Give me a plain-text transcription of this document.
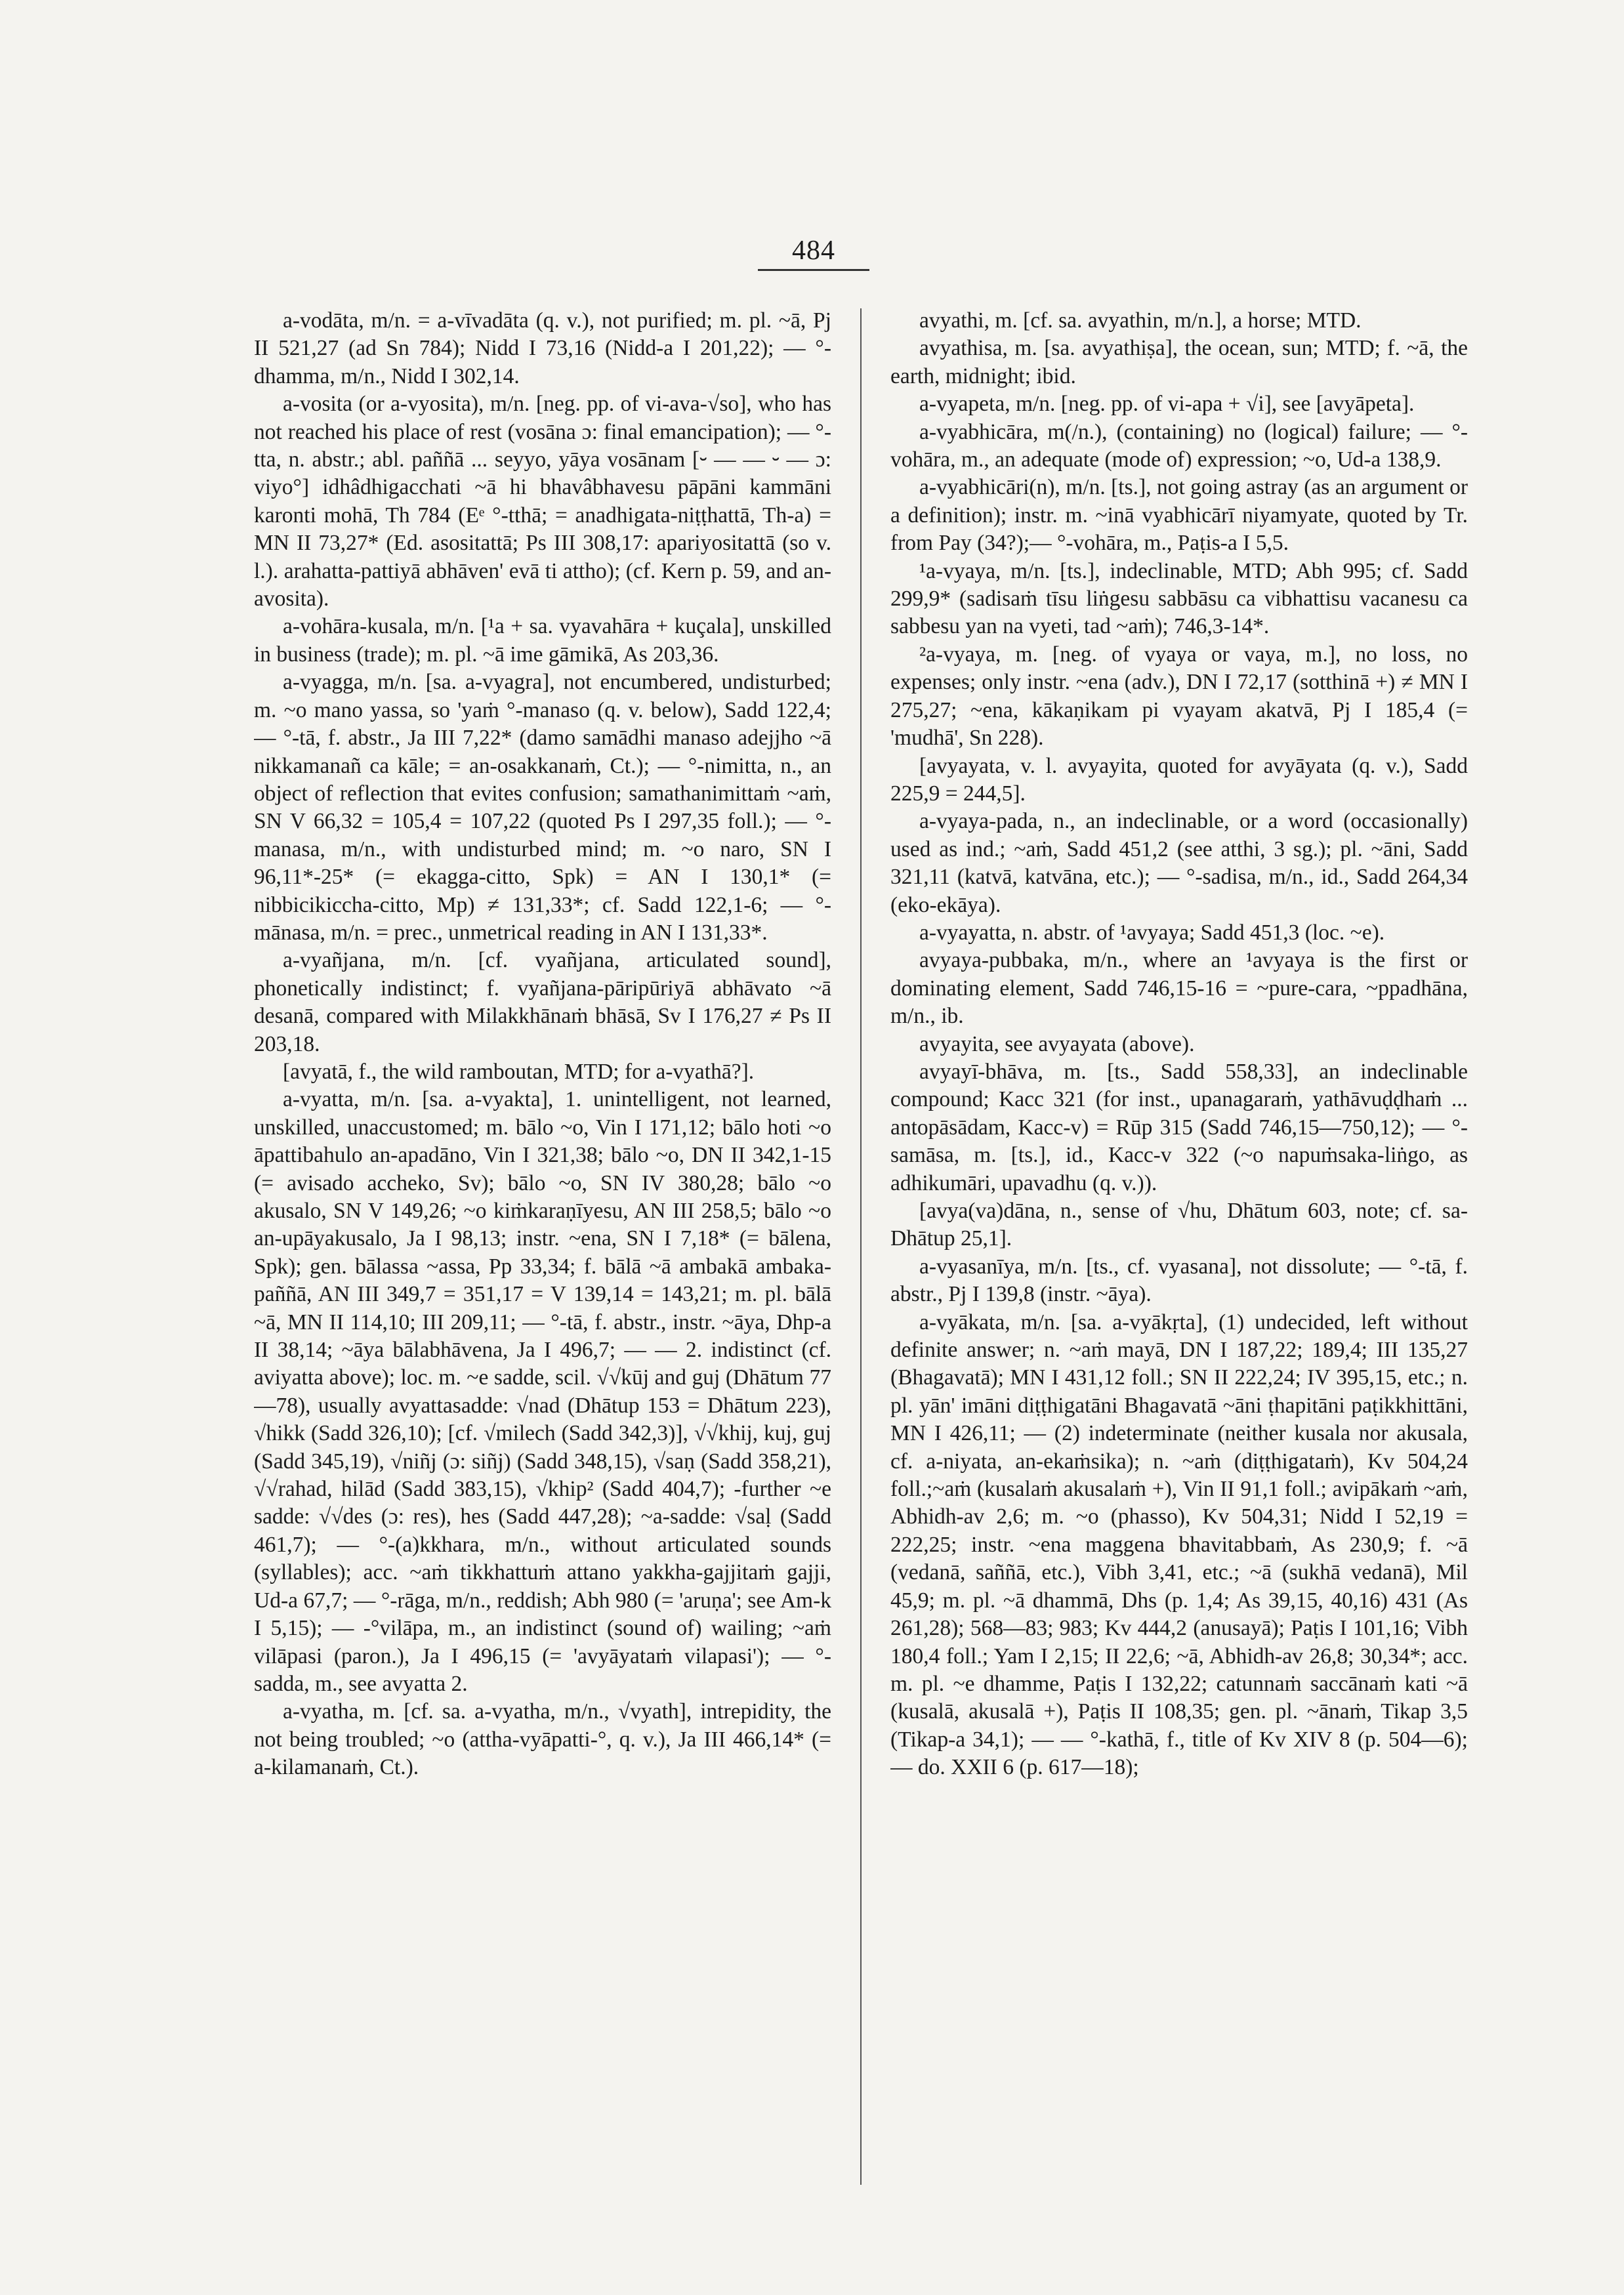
484

a-vodāta, m/n. = a-vīvadāta (q. v.), not purified; m. pl. ~ā, Pj II 521,27 (ad Sn 784); Nidd I 73,16 (Nidd-a I 201,22); — °-dhamma, m/n., Nidd I 302,14.

a-vosita (or a-vyosita), m/n. [neg. pp. of vi-ava-√so], who has not reached his place of rest (vosāna ɔ: final emancipation); — °-tta, n. abstr.; abl. paññā ... seyyo, yāya vosānam [⏑ — — ⏑ — ɔ: viyo°] idhâdhigacchati ~ā hi bhavâbhavesu pāpāni kammāni karonti mohā, Th 784 (Eᵉ °-tthā; = anadhigata-niṭṭhattā, Th-a) = MN II 73,27* (Ed. asositattā; Ps III 308,17: apariyositattā (so v. l.). arahatta-pattiyā abhāven' evā ti attho); (cf. Kern p. 59, and an-avosita).

a-vohāra-kusala, m/n. [¹a + sa. vyavahāra + kuçala], unskilled in business (trade); m. pl. ~ā ime gāmikā, As 203,36.

a-vyagga, m/n. [sa. a-vyagra], not encumbered, undisturbed; m. ~o mano yassa, so 'yaṁ °-manaso (q. v. below), Sadd 122,4; — °-tā, f. abstr., Ja III 7,22* (damo samādhi manaso adejjho ~ā nikkamanañ ca kāle; = an-osakkanaṁ, Ct.); — °-nimitta, n., an object of reflection that evites confusion; samathanimittaṁ ~aṁ, SN V 66,32 = 105,4 = 107,22 (quoted Ps I 297,35 foll.); — °-manasa, m/n., with undisturbed mind; m. ~o naro, SN I 96,11*-25* (= ekagga-citto, Spk) = AN I 130,1* (= nibbicikiccha-citto, Mp) ≠ 131,33*; cf. Sadd 122,1-6; — °-mānasa, m/n. = prec., unmetrical reading in AN I 131,33*.

a-vyañjana, m/n. [cf. vyañjana, articulated sound], phonetically indistinct; f. vyañjana-pāripūriyā abhāvato ~ā desanā, compared with Milakkhānaṁ bhāsā, Sv I 176,27 ≠ Ps II 203,18.

[avyatā, f., the wild ramboutan, MTD; for a-vyathā?].

a-vyatta, m/n. [sa. a-vyakta], 1. unintelligent, not learned, unskilled, unaccustomed; m. bālo ~o, Vin I 171,12; bālo hoti ~o āpattibahulo an-apadāno, Vin I 321,38; bālo ~o, DN II 342,1-15 (= avisado accheko, Sv); bālo ~o, SN IV 380,28; bālo ~o akusalo, SN V 149,26; ~o kiṁkaraṇīyesu, AN III 258,5; bālo ~o an-upāyakusalo, Ja I 98,13; instr. ~ena, SN I 7,18* (= bālena, Spk); gen. bālassa ~assa, Pp 33,34; f. bālā ~ā ambakā ambaka-paññā, AN III 349,7 = 351,17 = V 139,14 = 143,21; m. pl. bālā ~ā, MN II 114,10; III 209,11; — °-tā, f. abstr., instr. ~āya, Dhp-a II 38,14; ~āya bālabhāvena, Ja I 496,7; — — 2. indistinct (cf. aviyatta above); loc. m. ~e sadde, scil. √√kūj and guj (Dhātum 77—78), usually avyattasadde: √nad (Dhātup 153 = Dhātum 223), √hikk (Sadd 326,10); [cf. √milech (Sadd 342,3)], √√khij, kuj, guj (Sadd 345,19), √niñj (ɔ: siñj) (Sadd 348,15), √saṇ (Sadd 358,21), √√rahad, hilād (Sadd 383,15), √khip² (Sadd 404,7); -further ~e sadde: √√des (ɔ: res), hes (Sadd 447,28); ~a-sadde: √saḷ (Sadd 461,7); — °-(a)kkhara, m/n., without articulated sounds (syllables); acc. ~aṁ tikkhattuṁ attano yakkha-gajjitaṁ gajji, Ud-a 67,7; — °-rāga, m/n., reddish; Abh 980 (= 'aruṇa'; see Am-k I 5,15); — -°vilāpa, m., an indistinct (sound of) wailing; ~aṁ vilāpasi (paron.), Ja I 496,15 (= 'avyāyataṁ vilapasi'); — °-sadda, m., see avyatta 2.

a-vyatha, m. [cf. sa. a-vyatha, m/n., √vyath], intrepidity, the not being troubled; ~o (attha-vyāpatti-°, q. v.), Ja III 466,14* (= a-kilamanaṁ, Ct.).

avyathi, m. [cf. sa. avyathin, m/n.], a horse; MTD.

avyathisa, m. [sa. avyathiṣa], the ocean, sun; MTD; f. ~ā, the earth, midnight; ibid.

a-vyapeta, m/n. [neg. pp. of vi-apa + √i], see [avyāpeta].

a-vyabhicāra, m(/n.), (containing) no (logical) failure; — °-vohāra, m., an adequate (mode of) expression; ~o, Ud-a 138,9.

a-vyabhicāri(n), m/n. [ts.], not going astray (as an argument or a definition); instr. m. ~inā vyabhicārī niyamyate, quoted by Tr. from Pay (34?);— °-vohāra, m., Paṭis-a I 5,5.

¹a-vyaya, m/n. [ts.], indeclinable, MTD; Abh 995; cf. Sadd 299,9* (sadisaṁ tīsu liṅgesu sabbāsu ca vibhattisu vacanesu ca sabbesu yan na vyeti, tad ~aṁ); 746,3-14*.

²a-vyaya, m. [neg. of vyaya or vaya, m.], no loss, no expenses; only instr. ~ena (adv.), DN I 72,17 (sotthinā +) ≠ MN I 275,27; ~ena, kākaṇikam pi vyayam akatvā, Pj I 185,4 (= 'mudhā', Sn 228).

[avyayata, v. l. avyayita, quoted for avyāyata (q. v.), Sadd 225,9 = 244,5].

a-vyaya-pada, n., an indeclinable, or a word (occasionally) used as ind.; ~aṁ, Sadd 451,2 (see atthi, 3 sg.); pl. ~āni, Sadd 321,11 (katvā, katvāna, etc.); — °-sadisa, m/n., id., Sadd 264,34 (eko-ekāya).

a-vyayatta, n. abstr. of ¹avyaya; Sadd 451,3 (loc. ~e).

avyaya-pubbaka, m/n., where an ¹avyaya is the first or dominating element, Sadd 746,15-16 = ~pure-cara, ~ppadhāna, m/n., ib.

avyayita, see avyayata (above).

avyayī-bhāva, m. [ts., Sadd 558,33], an indeclinable compound; Kacc 321 (for inst., upanagaraṁ, yathāvuḍḍhaṁ ... antopāsādam, Kacc-v) = Rūp 315 (Sadd 746,15—750,12); — °-samāsa, m. [ts.], id., Kacc-v 322 (~o napuṁsaka-liṅgo, as adhikumāri, upavadhu (q. v.)).

[avya(va)dāna, n., sense of √hu, Dhātum 603, note; cf. sa-Dhātup 25,1].

a-vyasanīya, m/n. [ts., cf. vyasana], not dissolute; — °-tā, f. abstr., Pj I 139,8 (instr. ~āya).

a-vyākata, m/n. [sa. a-vyākṛta], (1) undecided, left without definite answer; n. ~aṁ mayā, DN I 187,22; 189,4; III 135,27 (Bhagavatā); MN I 431,12 foll.; SN II 222,24; IV 395,15, etc.; n. pl. yān' imāni diṭṭhigatāni Bhagavatā ~āni ṭhapitāni paṭikkhittāni, MN I 426,11; — (2) indeterminate (neither kusala nor akusala, cf. a-niyata, an-ekaṁsika); n. ~aṁ (diṭṭhigataṁ), Kv 504,24 foll.;~aṁ (kusalaṁ akusalaṁ +), Vin II 91,1 foll.; avipākaṁ ~aṁ, Abhidh-av 2,6; m. ~o (phasso), Kv 504,31; Nidd I 52,19 = 222,25; instr. ~ena maggena bhavitabbaṁ, As 230,9; f. ~ā (vedanā, saññā, etc.), Vibh 3,41, etc.; ~ā (sukhā vedanā), Mil 45,9; m. pl. ~ā dhammā, Dhs (p. 1,4; As 39,15, 40,16) 431 (As 261,28); 568—83; 983; Kv 444,2 (anusayā); Paṭis I 101,16; Vibh 180,4 foll.; Yam I 2,15; II 22,6; ~ā, Abhidh-av 26,8; 30,34*; acc. m. pl. ~e dhamme, Paṭis I 132,22; catunnaṁ saccānaṁ kati ~ā (kusalā, akusalā +), Paṭis II 108,35; gen. pl. ~ānaṁ, Tikap 3,5 (Tikap-a 34,1); — — °-kathā, f., title of Kv XIV 8 (p. 504—6); — do. XXII 6 (p. 617—18);
